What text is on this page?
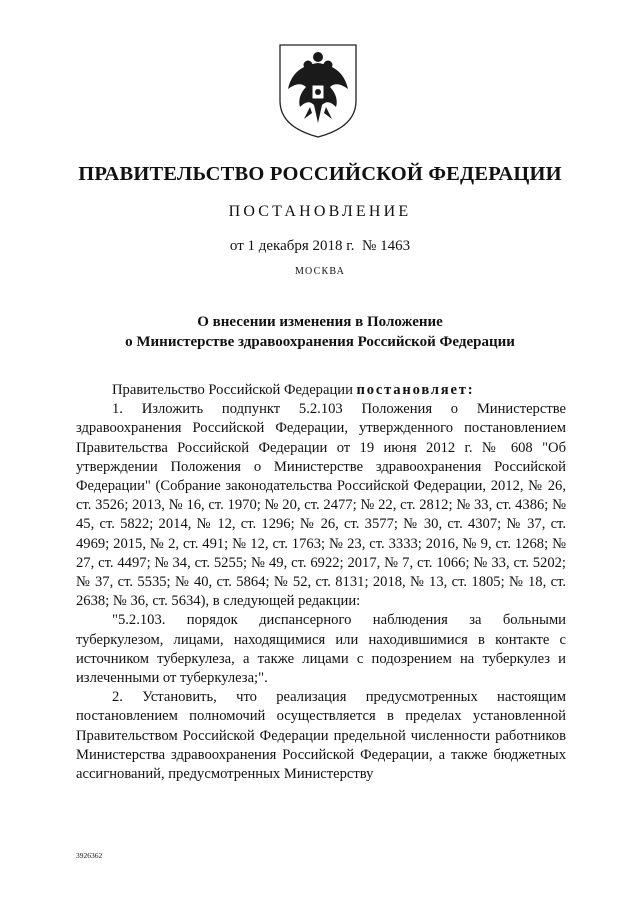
ПРАВИТЕЛЬСТВО РОССИЙСКОЙ ФЕДЕРАЦИИ
ПОСТАНОВЛЕНИЕ
от 1 декабря 2018 г.  № 1463
МОСКВА
О внесении изменения в Положение
о Министерстве здравоохранения Российской Федерации

Правительство Российской Федерации постановляет:

1. Изложить подпункт 5.2.103 Положения о Министерстве здравоохранения Российской Федерации, утвержденного постановлением Правительства Российской Федерации от 19 июня 2012 г. № 608 "Об утверждении Положения о Министерстве здравоохранения Российской Федерации" (Собрание законодательства Российской Федерации, 2012, № 26, ст. 3526; 2013, № 16, ст. 1970; № 20, ст. 2477; № 22, ст. 2812; № 33, ст. 4386; № 45, ст. 5822; 2014, № 12, ст. 1296; № 26, ст. 3577; № 30, ст. 4307; № 37, ст. 4969; 2015, № 2, ст. 491; № 12, ст. 1763; № 23, ст. 3333; 2016, № 9, ст. 1268; № 27, ст. 4497; № 34, ст. 5255; № 49, ст. 6922; 2017, № 7, ст. 1066; № 33, ст. 5202; № 37, ст. 5535; № 40, ст. 5864; № 52, ст. 8131; 2018, № 13, ст. 1805; № 18, ст. 2638; № 36, ст. 5634), в следующей редакции:

"5.2.103. порядок диспансерного наблюдения за больными туберкулезом, лицами, находящимися или находившимися в контакте с источником туберкулеза, а также лицами с подозрением на туберкулез и излеченными от туберкулеза;".

2. Установить, что реализация предусмотренных настоящим постановлением полномочий осуществляется в пределах установленной Правительством Российской Федерации предельной численности работников Министерства здравоохранения Российской Федерации, а также бюджетных ассигнований, предусмотренных Министерству

3926362
